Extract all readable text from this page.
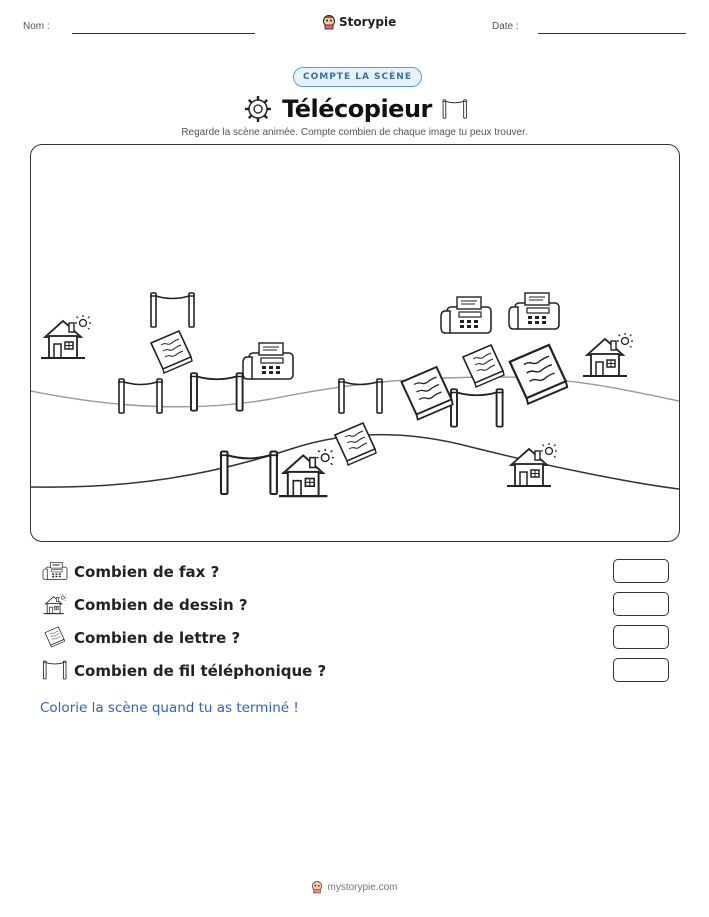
Nom :	Storypie	Date :
COMPTE LA SCÈNE
Télécopieur
Regarde la scène animée. Compte combien de chaque image tu peux trouver.
Combien de fax ?
Combien de dessin ?
Combien de lettre ?
Combien de fil téléphonique ?
Colorie la scène quand tu as terminé !
mystorypie.com
